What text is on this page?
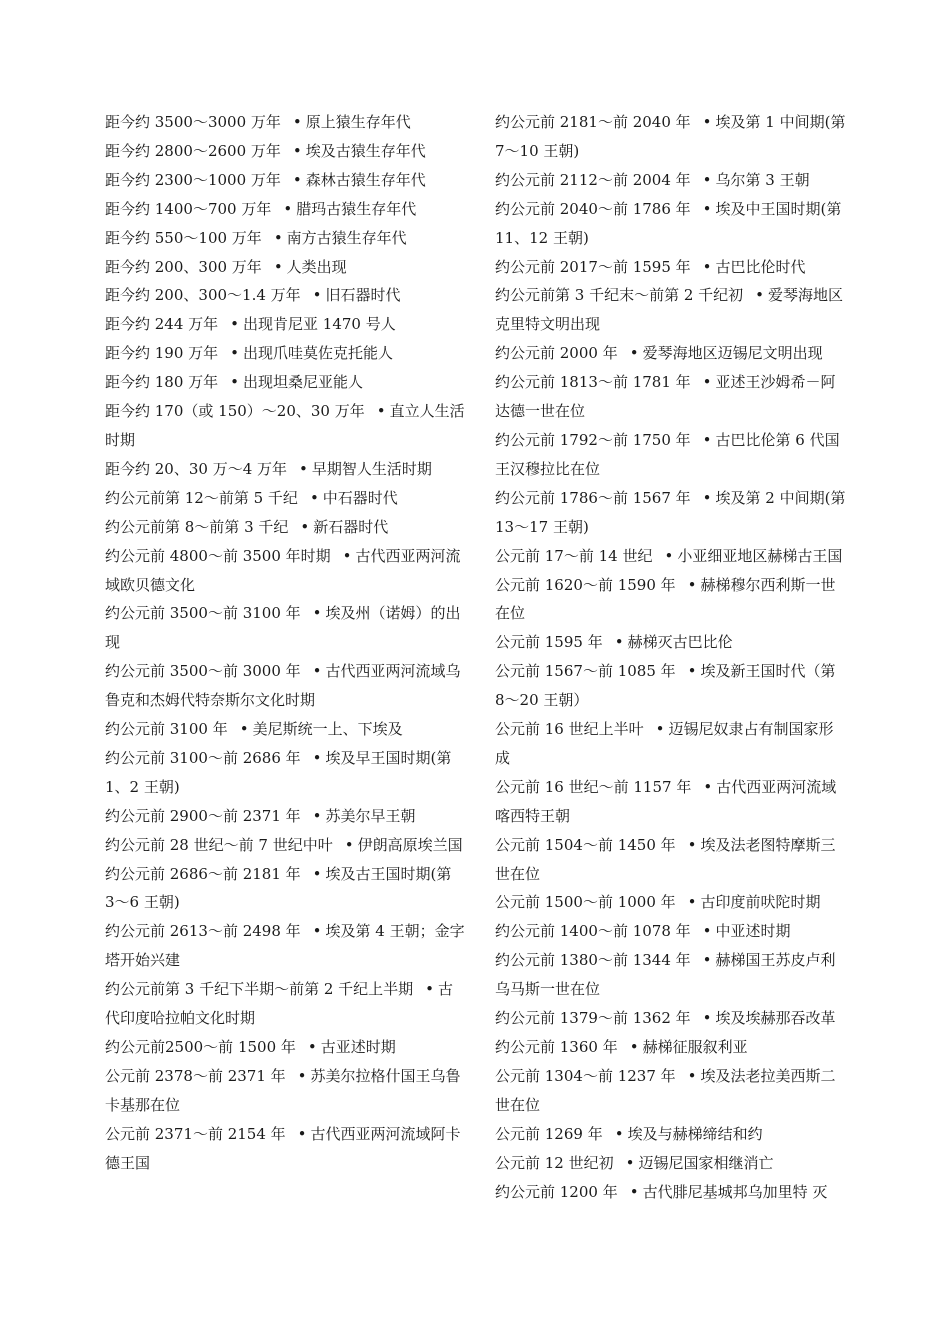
距今约 3500～3000 万年 • 原上猿生存年代

距今约 2800～2600 万年 • 埃及古猿生存年代

距今约 2300～1000 万年 • 森林古猿生存年代

距今约 1400～700 万年 • 腊玛古猿生存年代

距今约 550～100 万年 • 南方古猿生存年代

距今约 200、300 万年 • 人类出现

距今约 200、300～1.4 万年 • 旧石器时代

距今约 244 万年 • 出现肯尼亚 1470 号人

距今约 190 万年 • 出现爪哇莫佐克托能人

距今约 180 万年 • 出现坦桑尼亚能人

距今约 170（或 150）～20、30 万年 • 直立人生活时期

距今约 20、30 万～4 万年 • 早期智人生活时期

约公元前第 12～前第 5 千纪 • 中石器时代

约公元前第 8～前第 3 千纪 • 新石器时代

约公元前 4800～前 3500 年时期 • 古代西亚两河流域欧贝德文化

约公元前 3500～前 3100 年 • 埃及州（诺姆）的出现

约公元前 3500～前 3000 年 • 古代西亚两河流域乌鲁克和杰姆代特奈斯尔文化时期

约公元前 3100 年 • 美尼斯统一上、下埃及

约公元前 3100～前 2686 年 • 埃及早王国时期(第 1、2 王朝)

约公元前 2900～前 2371 年 • 苏美尔早王朝

约公元前 28 世纪～前 7 世纪中叶 • 伊朗高原埃兰国

约公元前 2686～前 2181 年 • 埃及古王国时期(第 3～6 王朝)

约公元前 2613～前 2498 年 • 埃及第 4 王朝；金字塔开始兴建

约公元前第 3 千纪下半期～前第 2 千纪上半期 • 古代印度哈拉帕文化时期

约公元前2500～前 1500 年 • 古亚述时期

公元前 2378～前 2371 年 • 苏美尔拉格什国王乌鲁卡基那在位

公元前 2371～前 2154 年 • 古代西亚两河流域阿卡德王国

约公元前 2181～前 2040 年 • 埃及第 1 中间期(第 7～10 王朝)

约公元前 2112～前 2004 年 • 乌尔第 3 王朝

约公元前 2040～前 1786 年 • 埃及中王国时期(第 11、12 王朝)

约公元前 2017～前 1595 年 • 古巴比伦时代

约公元前第 3 千纪末～前第 2 千纪初 • 爱琴海地区克里特文明出现

约公元前 2000 年 • 爱琴海地区迈锡尼文明出现

约公元前 1813～前 1781 年 • 亚述王沙姆希－阿达德一世在位

约公元前 1792～前 1750 年 • 古巴比伦第 6 代国王汉穆拉比在位

约公元前 1786～前 1567 年 • 埃及第 2 中间期(第 13～17 王朝)

公元前 17～前 14 世纪 • 小亚细亚地区赫梯古王国

公元前 1620～前 1590 年 • 赫梯穆尔西利斯一世在位

公元前 1595 年 • 赫梯灭古巴比伦

公元前 1567～前 1085 年 • 埃及新王国时代（第 8～20 王朝）

公元前 16 世纪上半叶 • 迈锡尼奴隶占有制国家形成

公元前 16 世纪～前 1157 年 • 古代西亚两河流域喀西特王朝

公元前 1504～前 1450 年 • 埃及法老图特摩斯三世在位

公元前 1500～前 1000 年 • 古印度前吠陀时期

约公元前 1400～前 1078 年 • 中亚述时期

约公元前 1380～前 1344 年 • 赫梯国王苏皮卢利乌马斯一世在位

约公元前 1379～前 1362 年 • 埃及埃赫那吞改革

约公元前 1360 年 • 赫梯征服叙利亚

公元前 1304～前 1237 年 • 埃及法老拉美西斯二世在位

公元前 1269 年 • 埃及与赫梯缔结和约

公元前 12 世纪初 • 迈锡尼国家相继消亡

约公元前 1200 年 • 古代腓尼基城邦乌加里特 灭
